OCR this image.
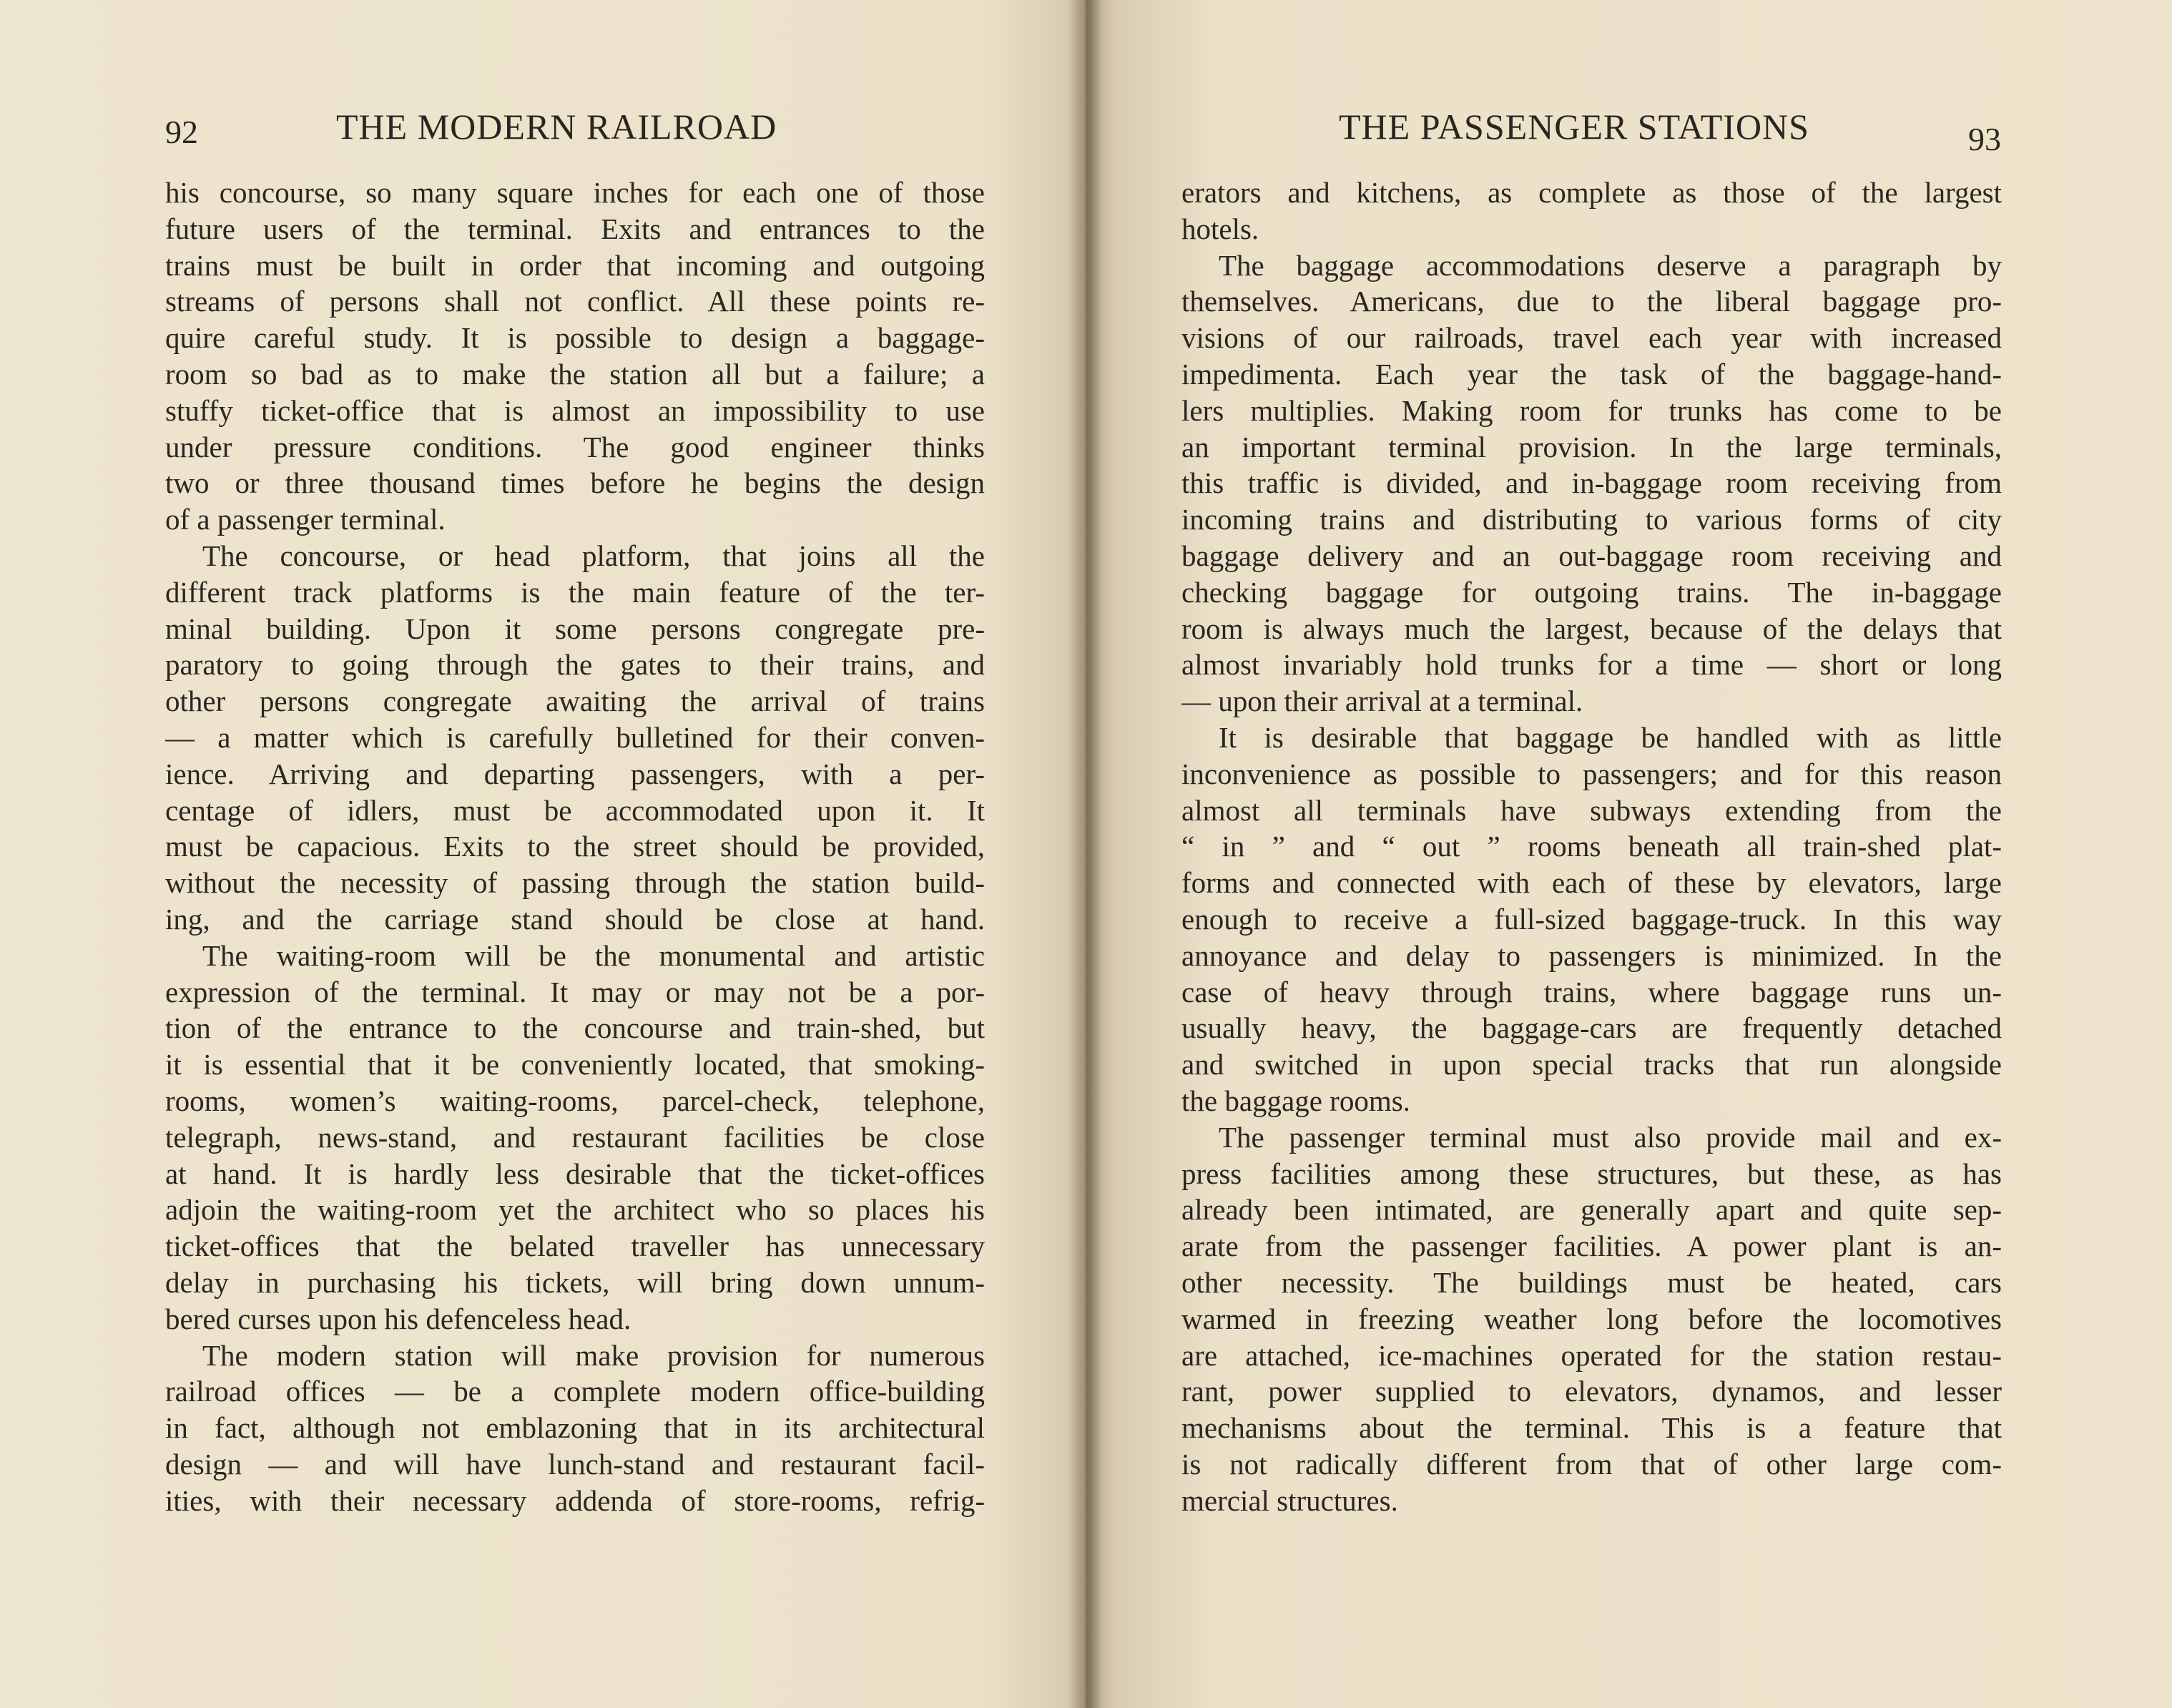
92	THE MODERN RAILROAD
his concourse, so many square inches for each one of those
future users of the terminal. Exits and entrances to the
trains must be built in order that incoming and outgoing
streams of persons shall not conflict. All these points re-
quire careful study. It is possible to design a baggage-
room so bad as to make the station all but a failure; a
stuffy ticket-office that is almost an impossibility to use
under pressure conditions. The good engineer thinks
two or three thousand times before he begins the design
of a passenger terminal.
The concourse, or head platform, that joins all the
different track platforms is the main feature of the ter-
minal building. Upon it some persons congregate pre-
paratory to going through the gates to their trains, and
other persons congregate awaiting the arrival of trains
— a matter which is carefully bulletined for their conven-
ience. Arriving and departing passengers, with a per-
centage of idlers, must be accommodated upon it. It
must be capacious. Exits to the street should be provided,
without the necessity of passing through the station build-
ing, and the carriage stand should be close at hand.
The waiting-room will be the monumental and artistic
expression of the terminal. It may or may not be a por-
tion of the entrance to the concourse and train-shed, but
it is essential that it be conveniently located, that smoking-
rooms, women’s waiting-rooms, parcel-check, telephone,
telegraph, news-stand, and restaurant facilities be close
at hand. It is hardly less desirable that the ticket-offices
adjoin the waiting-room yet the architect who so places his
ticket-offices that the belated traveller has unnecessary
delay in purchasing his tickets, will bring down unnum-
bered curses upon his defenceless head.
The modern station will make provision for numerous
railroad offices — be a complete modern office-building
in fact, although not emblazoning that in its architectural
design — and will have lunch-stand and restaurant facil-
ities, with their necessary addenda of store-rooms, refrig-
THE PASSENGER STATIONS	93
erators and kitchens, as complete as those of the largest
hotels.
The baggage accommodations deserve a paragraph by
themselves. Americans, due to the liberal baggage pro-
visions of our railroads, travel each year with increased
impedimenta. Each year the task of the baggage-hand-
lers multiplies. Making room for trunks has come to be
an important terminal provision. In the large terminals,
this traffic is divided, and in-baggage room receiving from
incoming trains and distributing to various forms of city
baggage delivery and an out-baggage room receiving and
checking baggage for outgoing trains. The in-baggage
room is always much the largest, because of the delays that
almost invariably hold trunks for a time — short or long
— upon their arrival at a terminal.
It is desirable that baggage be handled with as little
inconvenience as possible to passengers; and for this reason
almost all terminals have subways extending from the
“ in ” and “ out ” rooms beneath all train-shed plat-
forms and connected with each of these by elevators, large
enough to receive a full-sized baggage-truck. In this way
annoyance and delay to passengers is minimized. In the
case of heavy through trains, where baggage runs un-
usually heavy, the baggage-cars are frequently detached
and switched in upon special tracks that run alongside
the baggage rooms.
The passenger terminal must also provide mail and ex-
press facilities among these structures, but these, as has
already been intimated, are generally apart and quite sep-
arate from the passenger facilities. A power plant is an-
other necessity. The buildings must be heated, cars
warmed in freezing weather long before the locomotives
are attached, ice-machines operated for the station restau-
rant, power supplied to elevators, dynamos, and lesser
mechanisms about the terminal. This is a feature that
is not radically different from that of other large com-
mercial structures.
